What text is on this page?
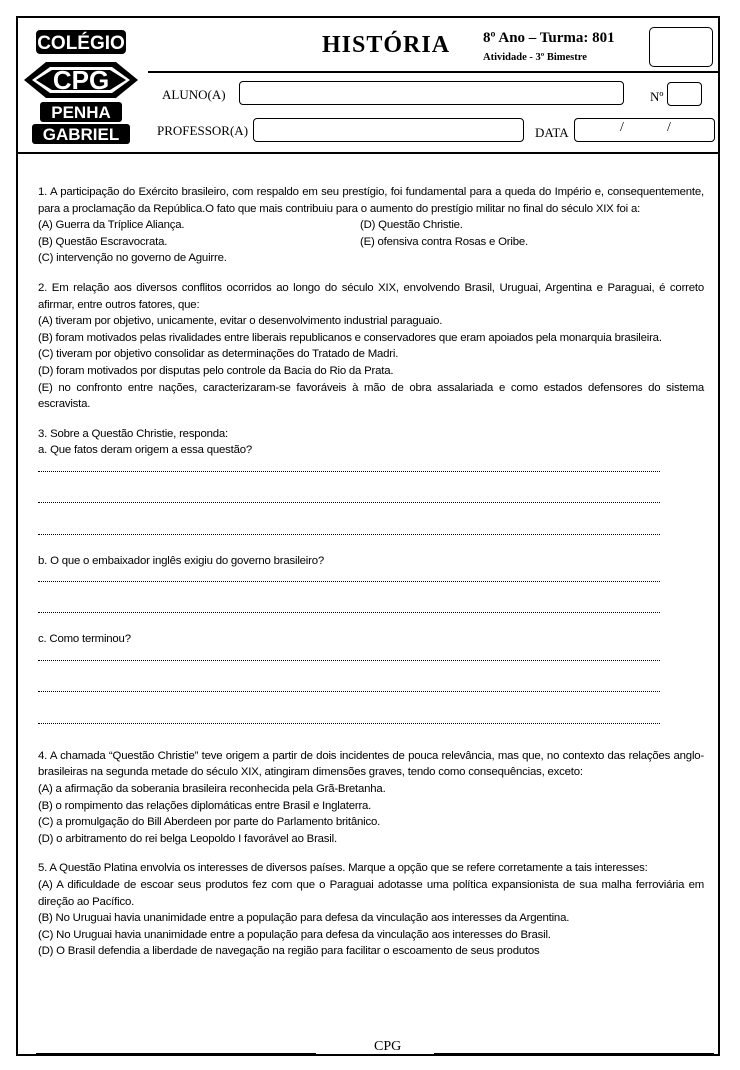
COLÉGIO
CPG
PENHA
GABRIEL
HISTÓRIA 8º Ano – Turma: 801
Atividade - 3º Bimestre
ALUNO(A)	Nº
PROFESSOR(A)	DATA	/	/

1. A participação do Exército brasileiro, com respaldo em seu prestígio, foi fundamental para a queda do Império e, consequentemente, para a proclamação da República.O fato que mais contribuiu para o aumento do prestígio militar no final do século XIX foi a:

(A) Guerra da Tríplice Aliança.	(D) Questão Christie.

(B) Questão Escravocrata.	(E) ofensiva contra Rosas e Oribe.

(C) intervenção no governo de Aguirre.

2. Em relação aos diversos conflitos ocorridos ao longo do século XIX, envolvendo Brasil, Uruguai, Argentina e Paraguai, é correto afirmar, entre outros fatores, que:

(A) tiveram por objetivo, unicamente, evitar o desenvolvimento industrial paraguaio.

(B) foram motivados pelas rivalidades entre liberais republicanos e conservadores que eram apoiados pela monarquia brasileira.

(C) tiveram por objetivo consolidar as determinações do Tratado de Madri.

(D) foram motivados por disputas pelo controle da Bacia do Rio da Prata.

(E) no confronto entre nações, caracterizaram-se favoráveis à mão de obra assalariada e como estados defensores do sistema escravista.

3. Sobre a Questão Christie, responda:

a. Que fatos deram origem a essa questão?

b. O que o embaixador inglês exigiu do governo brasileiro?

c. Como terminou?

4. A chamada “Questão Christie” teve origem a partir de dois incidentes de pouca relevância, mas que, no contexto das relações anglo-brasileiras na segunda metade do século XIX, atingiram dimensões graves, tendo como consequências, exceto:

(A) a afirmação da soberania brasileira reconhecida pela Grã-Bretanha.

(B) o rompimento das relações diplomáticas entre Brasil e Inglaterra.

(C) a promulgação do Bill Aberdeen por parte do Parlamento britânico.

(D) o arbitramento do rei belga Leopoldo I favorável ao Brasil.

5. A Questão Platina envolvia os interesses de diversos países. Marque a opção que se refere corretamente a tais interesses:

(A) A dificuldade de escoar seus produtos fez com que o Paraguai adotasse uma política expansionista de sua malha ferroviária em direção ao Pacífico.

(B) No Uruguai havia unanimidade entre a população para defesa da vinculação aos interesses da Argentina.

(C) No Uruguai havia unanimidade entre a população para defesa da vinculação aos interesses do Brasil.

(D) O Brasil defendia a liberdade de navegação na região para facilitar o escoamento de seus produtos

CPG
